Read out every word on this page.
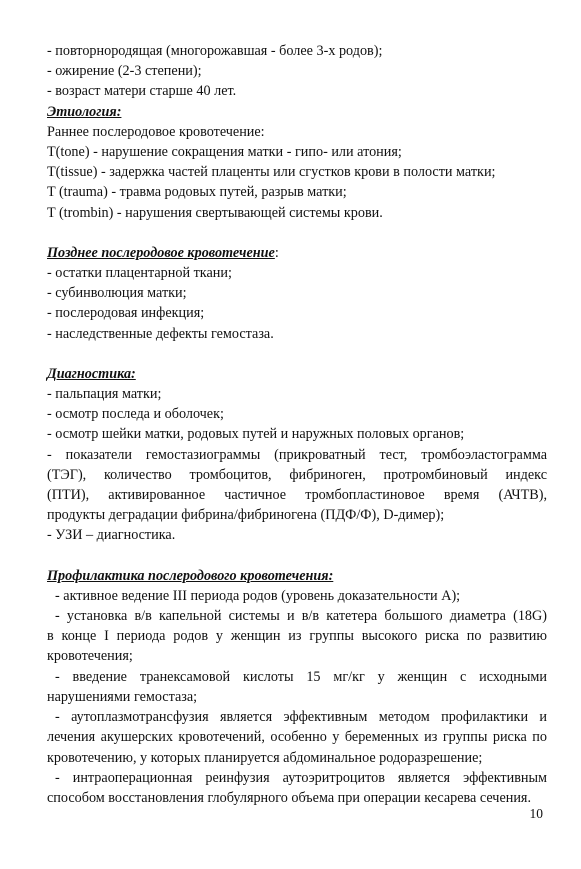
- повторнородящая (многорожавшая - более 3-х родов);

- ожирение (2-3 степени);

- возраст матери старше 40 лет.

Этиология:

Раннее послеродовое кровотечение:

T(tone) - нарушение сокращения матки - гипо- или атония;

T(tissue) - задержка частей плаценты или сгустков крови в полости матки;

T (trauma) - травма родовых путей, разрыв матки;

T (trombin) - нарушения свертывающей системы крови.

Позднее послеродовое кровотечение:

- остатки плацентарной ткани;

- субинволюция матки;

- послеродовая инфекция;

- наследственные дефекты гемостаза.

Диагностика:

- пальпация матки;

- осмотр последа и оболочек;

- осмотр шейки матки, родовых путей и наружных половых органов;

- показатели гемостазиограммы (прикроватный тест, тромбоэластограмма

(ТЭГ), количество тромбоцитов, фибриноген, протромбиновый индекс

(ПТИ), активированное частичное тромбопластиновое время (АЧТВ),

продукты деградации фибрина/фибриногена (ПДФ/Ф), D-димер);

- УЗИ – диагностика.

Профилактика послеродового кровотечения:

- активное ведение III периода родов (уровень доказательности А);

- установка в/в капельной системы и в/в катетера большого диаметра (18G)

в конце I периода родов у женщин из группы высокого риска по развитию

кровотечения;

- введение транексамовой кислоты 15 мг/кг у женщин с исходными

нарушениями гемостаза;

- аутоплазмотрансфузия является эффективным методом профилактики и

лечения акушерских кровотечений, особенно у беременных из группы риска по

кровотечению, у которых планируется абдоминальное родоразрешение;

- интраоперационная реинфузия аутоэритроцитов является эффективным

способом восстановления глобулярного объема при операции кесарева сечения.

10
